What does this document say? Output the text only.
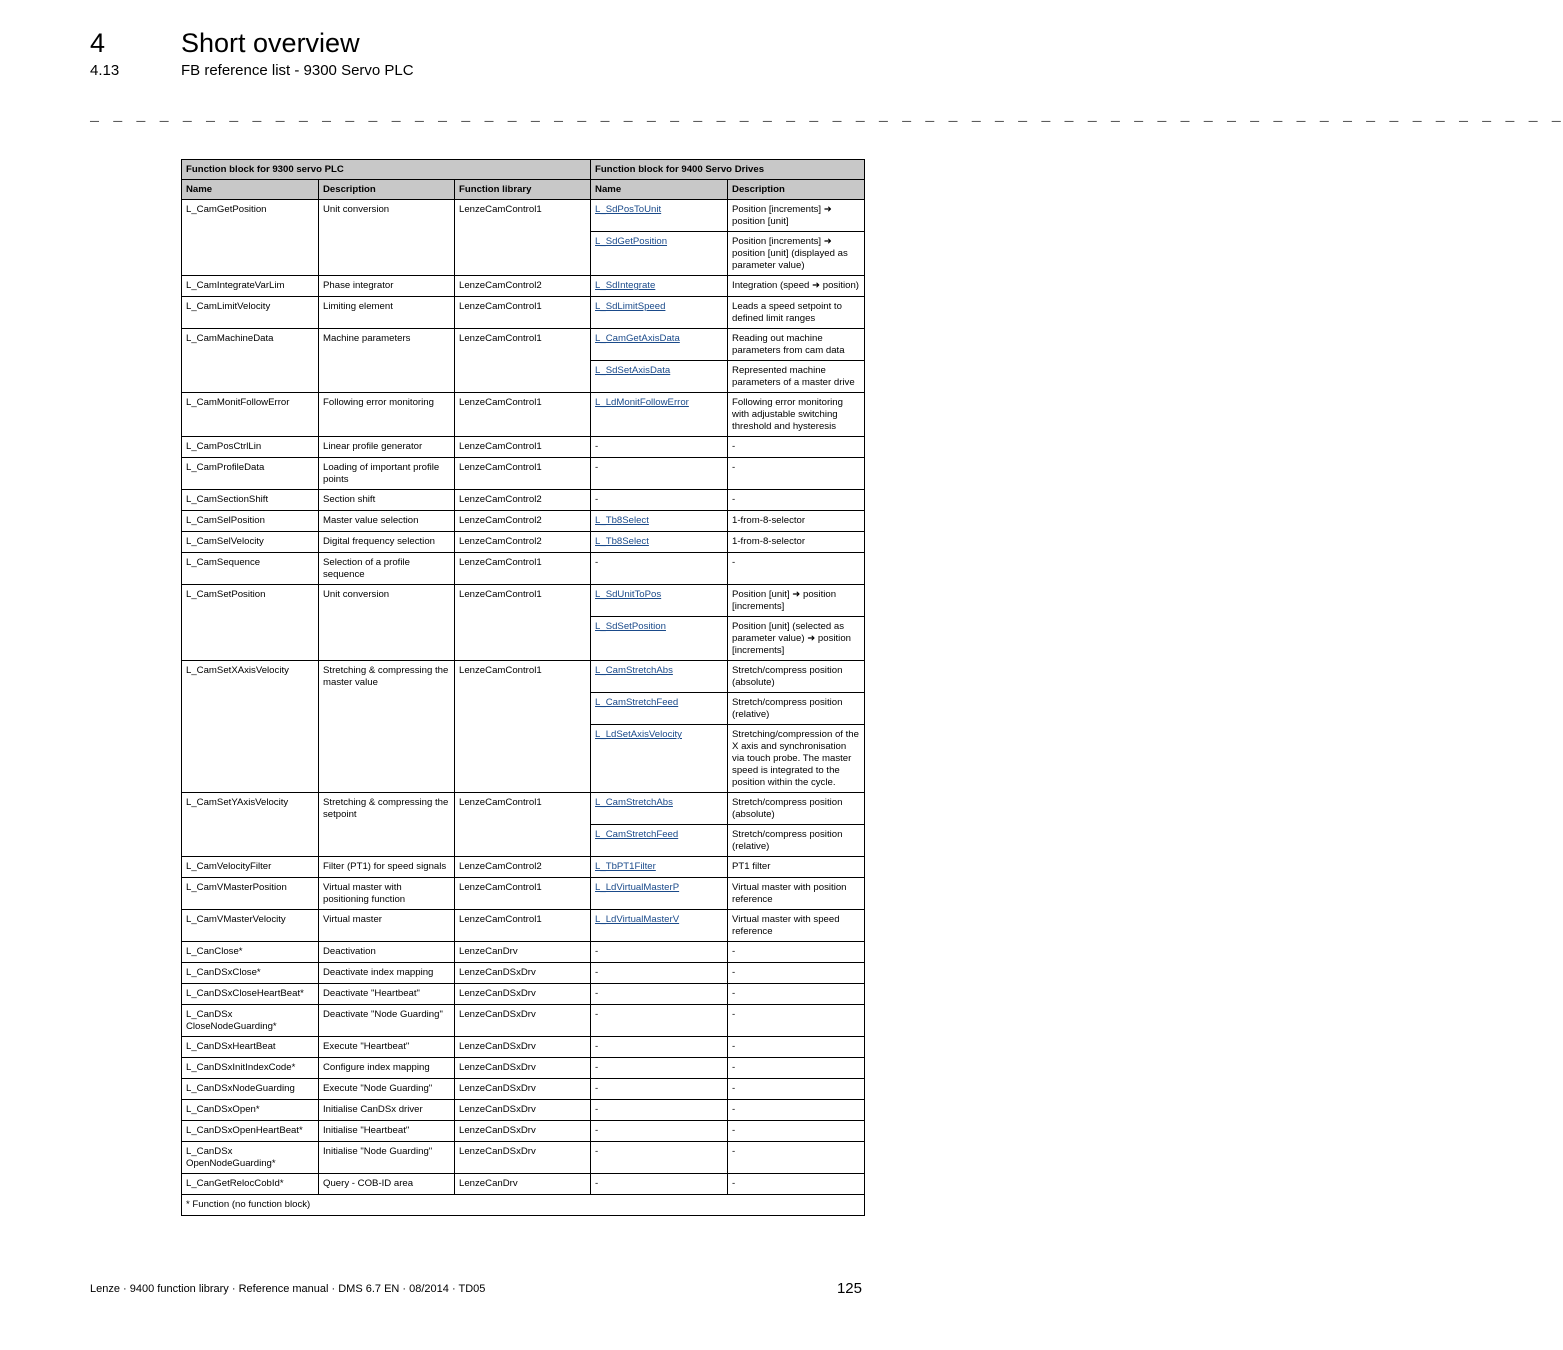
4	Short overview
4.13	FB reference list - 9300 Servo PLC
_ _ _ _ _ _ _ _ _ _ _ _ _ _ _ _ _ _ _ _ _ _ _ _ _ _ _ _ _ _ _ _ _ _ _ _ _ _ _ _ _ _ _ _ _ _ _ _ _ _ _ _ _ _ _ _ _ _ _ _ _ _ _ _
Function block for 9300 servo PLC			Function block for 9400 Servo Drives	
Name	Description	Function library	Name	Description
L_CamGetPosition	Unit conversion	LenzeCamControl1	L_SdPosToUnit	Position [increments] ➜ position [unit]
			L_SdGetPosition	Position [increments] ➜ position [unit] (displayed as parameter value)
L_CamIntegrateVarLim	Phase integrator	LenzeCamControl2	L_SdIntegrate	Integration (speed ➜ position)
L_CamLimitVelocity	Limiting element	LenzeCamControl1	L_SdLimitSpeed	Leads a speed setpoint to defined limit ranges
L_CamMachineData	Machine parameters	LenzeCamControl1	L_CamGetAxisData	Reading out machine parameters from cam data
			L_SdSetAxisData	Represented machine parameters of a master drive
L_CamMonitFollowError	Following error monitoring	LenzeCamControl1	L_LdMonitFollowError	Following error monitoring with adjustable switching threshold and hysteresis
L_CamPosCtrlLin	Linear profile generator	LenzeCamControl1	-	-
L_CamProfileData	Loading of important profile points	LenzeCamControl1	-	-
L_CamSectionShift	Section shift	LenzeCamControl2	-	-
L_CamSelPosition	Master value selection	LenzeCamControl2	L_Tb8Select	1-from-8-selector
L_CamSelVelocity	Digital frequency selection	LenzeCamControl2	L_Tb8Select	1-from-8-selector
L_CamSequence	Selection of a profile sequence	LenzeCamControl1	-	-
L_CamSetPosition	Unit conversion	LenzeCamControl1	L_SdUnitToPos	Position [unit] ➜ position [increments]
			L_SdSetPosition	Position [unit] (selected as parameter value) ➜ position [increments]
L_CamSetXAxisVelocity	Stretching & compressing the master value	LenzeCamControl1	L_CamStretchAbs	Stretch/compress position (absolute)
			L_CamStretchFeed	Stretch/compress position (relative)
			L_LdSetAxisVelocity	Stretching/compression of the X axis and synchronisation via touch probe. The master speed is integrated to the position within the cycle.
L_CamSetYAxisVelocity	Stretching & compressing the setpoint	LenzeCamControl1	L_CamStretchAbs	Stretch/compress position (absolute)
			L_CamStretchFeed	Stretch/compress position (relative)
L_CamVelocityFilter	Filter (PT1) for speed signals	LenzeCamControl2	L_TbPT1Filter	PT1 filter
L_CamVMasterPosition	Virtual master with positioning function	LenzeCamControl1	L_LdVirtualMasterP	Virtual master with position reference
L_CamVMasterVelocity	Virtual master	LenzeCamControl1	L_LdVirtualMasterV	Virtual master with speed reference
L_CanClose*	Deactivation	LenzeCanDrv	-	-
L_CanDSxClose*	Deactivate index mapping	LenzeCanDSxDrv	-	-
L_CanDSxCloseHeartBeat*	Deactivate "Heartbeat"	LenzeCanDSxDrv	-	-
L_CanDSx CloseNodeGuarding*	Deactivate "Node Guarding"	LenzeCanDSxDrv	-	-
L_CanDSxHeartBeat	Execute "Heartbeat"	LenzeCanDSxDrv	-	-
L_CanDSxInitIndexCode*	Configure index mapping	LenzeCanDSxDrv	-	-
L_CanDSxNodeGuarding	Execute "Node Guarding"	LenzeCanDSxDrv	-	-
L_CanDSxOpen*	Initialise CanDSx driver	LenzeCanDSxDrv	-	-
L_CanDSxOpenHeartBeat*	Initialise "Heartbeat"	LenzeCanDSxDrv	-	-
L_CanDSx OpenNodeGuarding*	Initialise "Node Guarding"	LenzeCanDSxDrv	-	-
L_CanGetRelocCobId*	Query - COB-ID area	LenzeCanDrv	-	-
* Function (no function block)				
Lenze · 9400 function library · Reference manual · DMS 6.7 EN · 08/2014 · TD05	125
